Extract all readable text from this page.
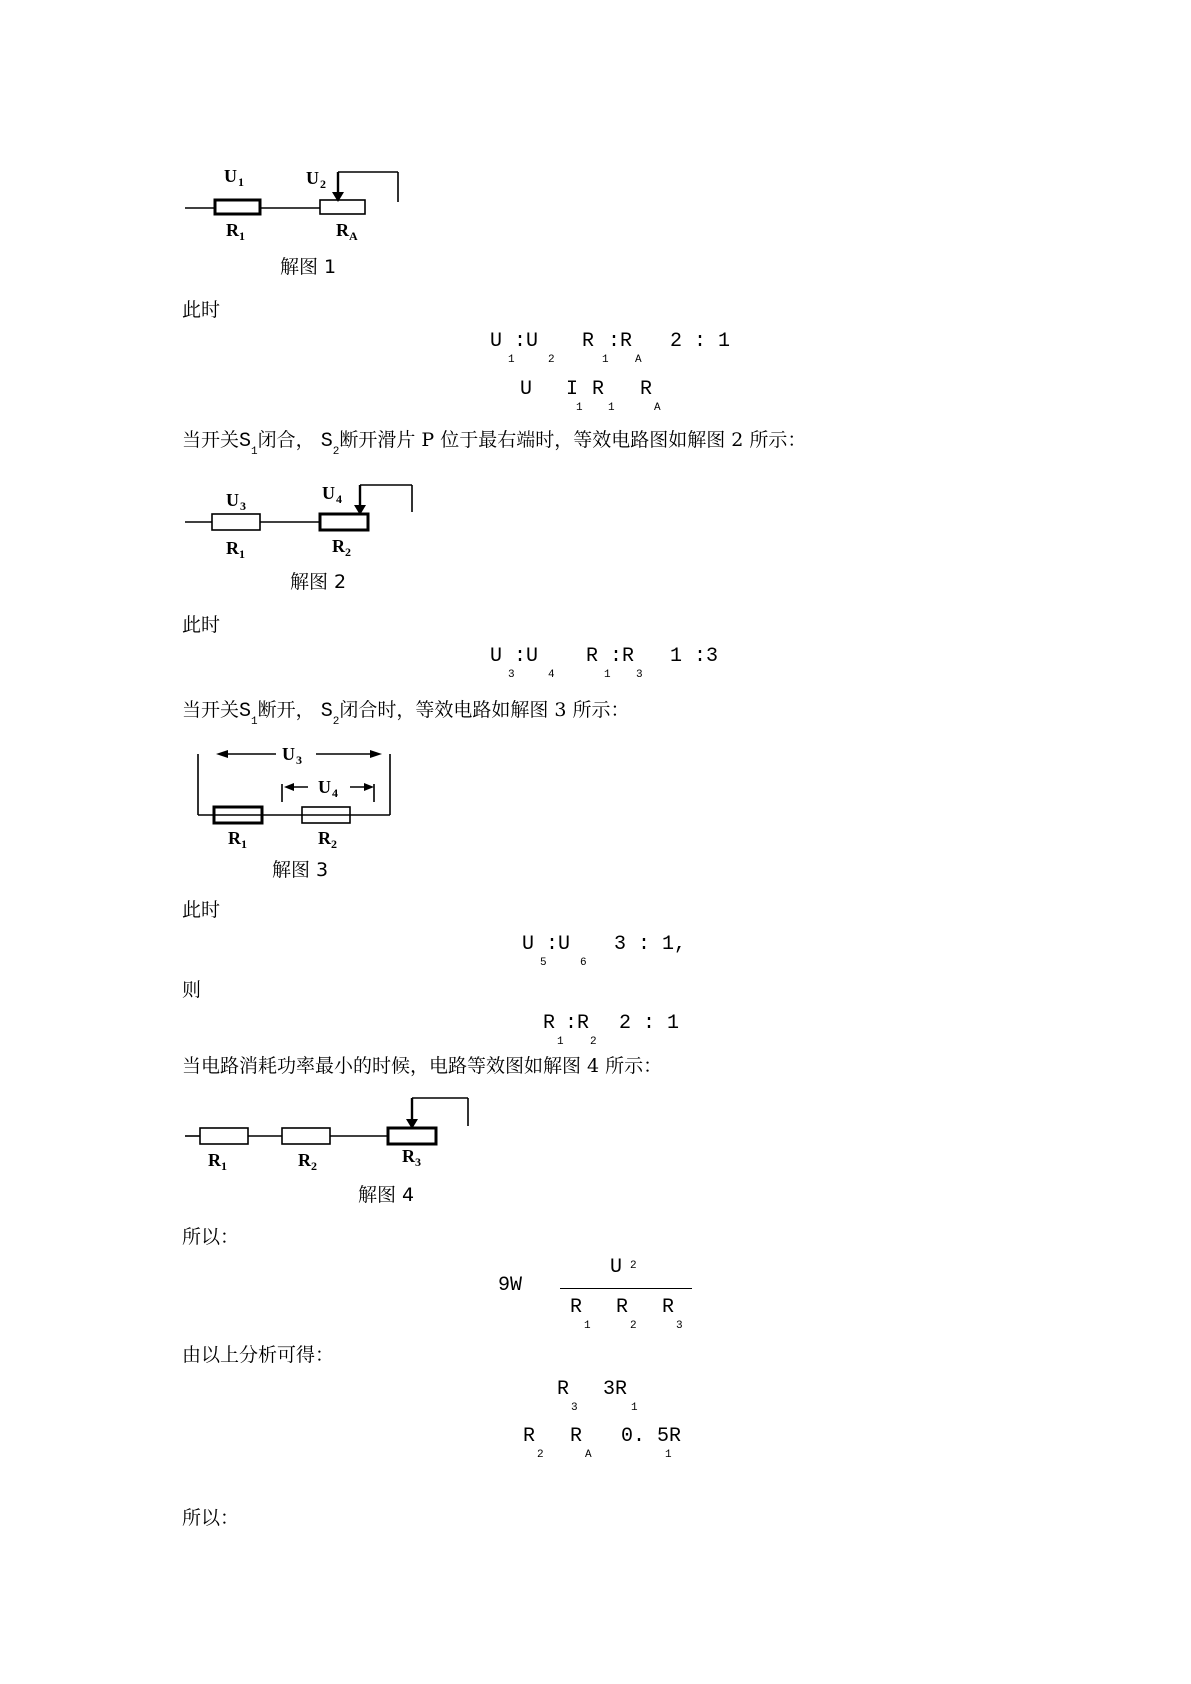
U 1	U 2
R 1	R A
解图 1
此时
U
1
:U
2
R
1
:R
A
2 : 1
U I
1
R
1
R
A
当开关$S_1$闭合， $S_2$断开滑片 P 位于最右端时，等效电路图如解图 2 所示：
U 3
U 4
R 1	R 2
解图 2
此时
U
3
:U
4
R
1
:R
3
1 :3
当开关$S_1$断开， $S_2$闭合时，等效电路如解图 3 所示：
U 3
U 4
R 1	R 2
解图 3
此时
U
5
:U
6
3 : 1,
则
R
1
:R
2
2 : 1
当电路消耗功率最小的时候，电路等效图如解图 4 所示：
R 1	R 2	R 3
解图 4
所以：
9W
U 2
R
1
R
2
R
3
由以上分析可得：
R
3
3R
1
R
2
R
A
0. 5R
1
所以：
